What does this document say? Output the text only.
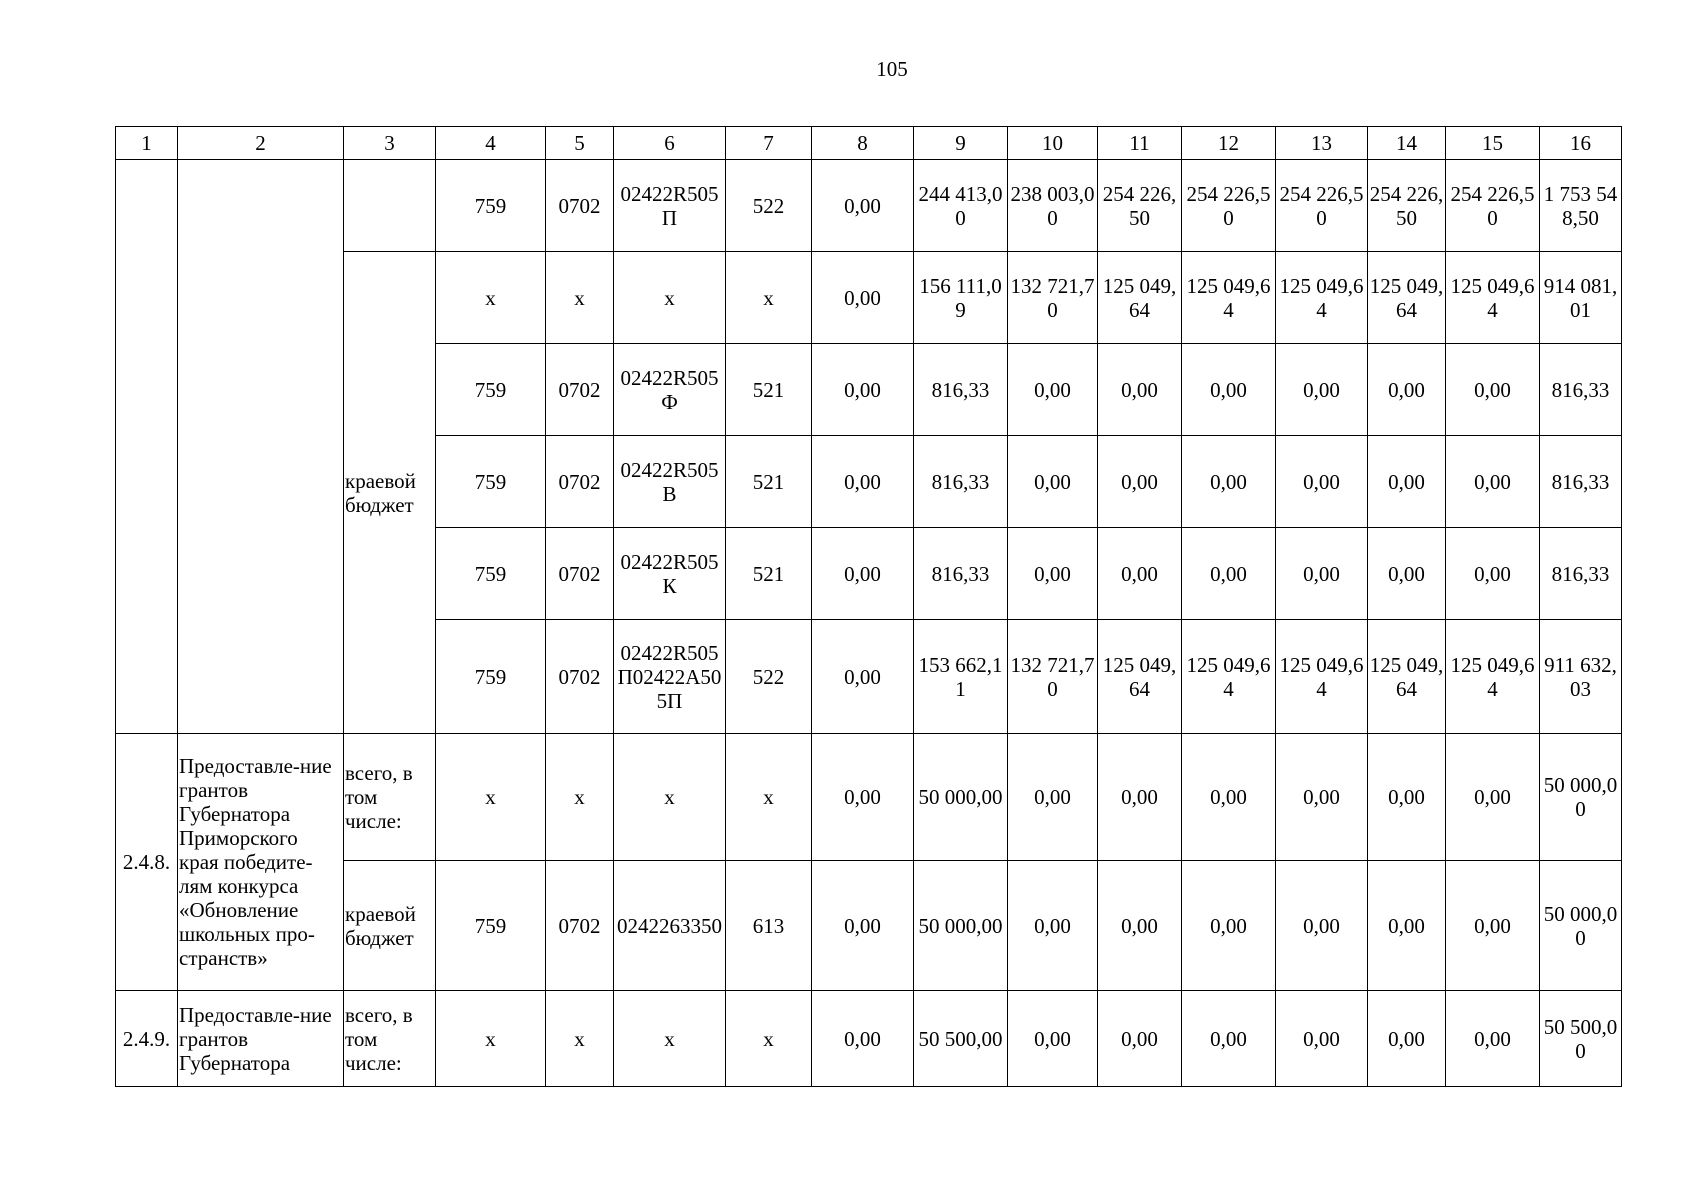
105
1	2	3	4	5	6	7	8	9	10	11	12	13	14	15	16
			759	0702	02422R50​5П	522	0,00	244 413,​00	238 003,​00	254 226​,50	254 226,​50	254 226,​50	254 22​6,50	254 226,​50	1 753 5​48,50
		краевой бюджет	x	x	x	x	0,00	156 111,​09	132 721,​70	125 049​,64	125 049,​64	125 049,​64	125 04​9,64	125 049,​64	914 081​,01
			759	0702	02422R50​5Ф	521	0,00	816,33	0,00	0,00	0,00	0,00	0,00	0,00	816,33
			759	0702	02422R50​5В	521	0,00	816,33	0,00	0,00	0,00	0,00	0,00	0,00	816,33
			759	0702	02422R50​5К	521	0,00	816,33	0,00	0,00	0,00	0,00	0,00	0,00	816,33
			759	0702	02422R50​5П​02422А50​5П	522	0,00	153 662,​11	132 721,​70	125 049​,64	125 049,​64	125 049,​64	125 04​9,64	125 049,​64	911 632​,03
2.4.8.	Предоставле-​ние грантов Губернатора Приморского края победите-​лям конкурса «Обновление школьных про-​странств»	всего, в том числе:	x	x	x	x	0,00	50 000,0​0	0,00	0,00	0,00	0,00	0,00	0,00	50 000,​00
		краевой бюджет	759	0702	024226335​0	613	0,00	50 000,0​0	0,00	0,00	0,00	0,00	0,00	0,00	50 000,​00
2.4.9.	Предоставле-​ние грантов Губернатора	всего, в том числе:	x	x	x	x	0,00	50 500,0​0	0,00	0,00	0,00	0,00	0,00	0,00	50 500,​00
